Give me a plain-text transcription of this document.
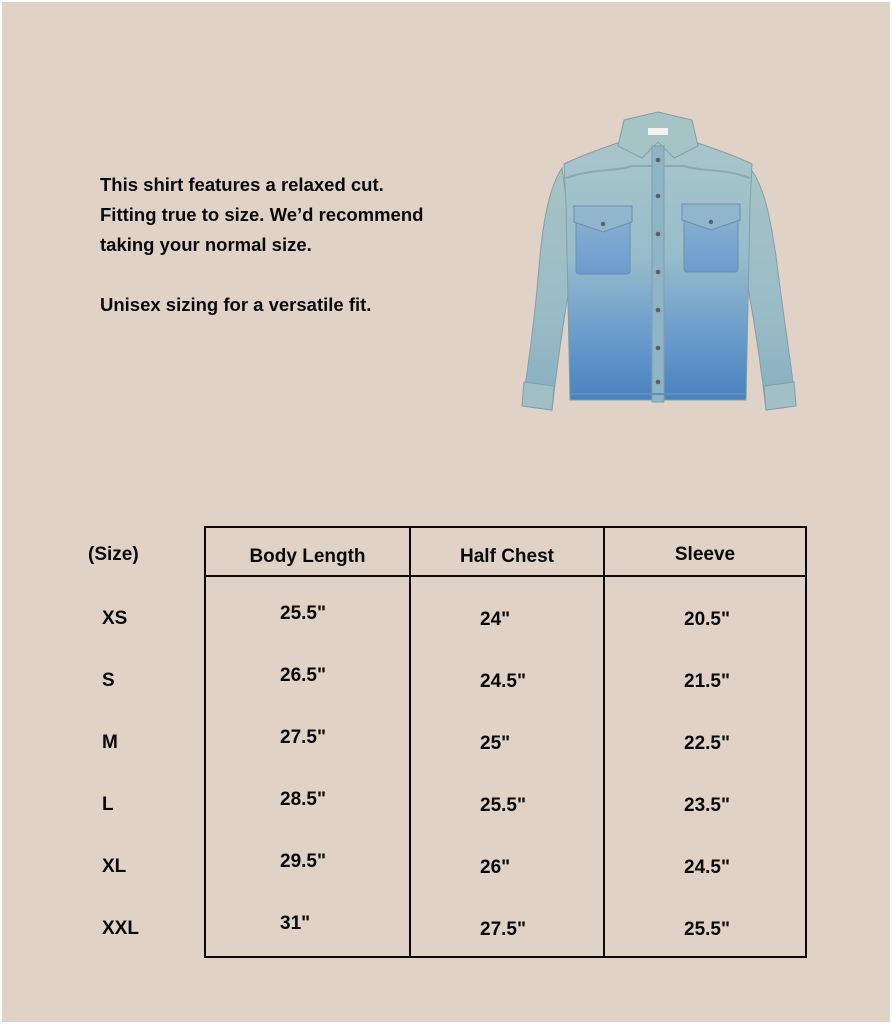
This shirt features a relaxed cut.

Fitting true to size. We’d recommend

taking your normal size.

Unisex sizing for a versatile fit.

(Size)	Body Length	Half Chest	Sleeve
XS	25.5"	24"	20.5"
S	26.5"	24.5"	21.5"
M	27.5"	25"	22.5"
L	28.5"	25.5"	23.5"
XL	29.5"	26"	24.5"
XXL	31"	27.5"	25.5"
